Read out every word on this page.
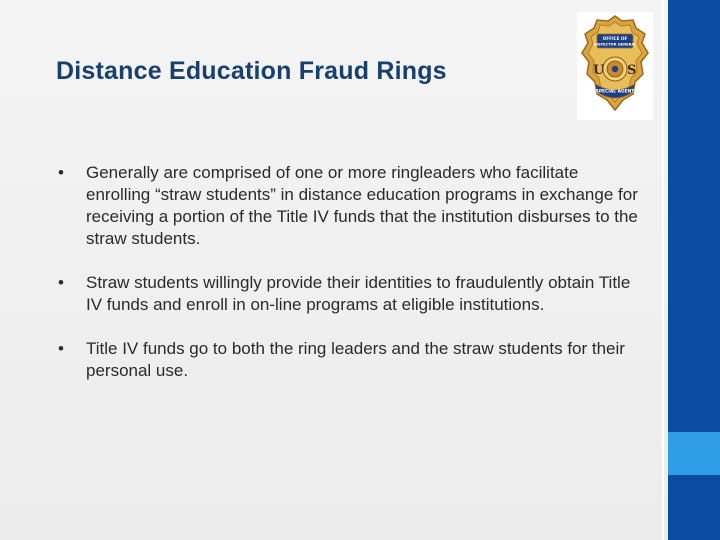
Distance Education Fraud Rings
OFFICE OF
INSPECTOR GENERAL
U S
SPECIAL AGENT
• Generally are comprised of one or more ringleaders who facilitate enrolling “straw students” in distance education programs in exchange for receiving a portion of the Title IV funds that the institution disburses to the straw students.
• Straw students willingly provide their identities to fraudulently obtain Title IV funds and enroll in on-line programs at eligible institutions.
• Title IV funds go to both the ring leaders and the straw students for their personal use.
